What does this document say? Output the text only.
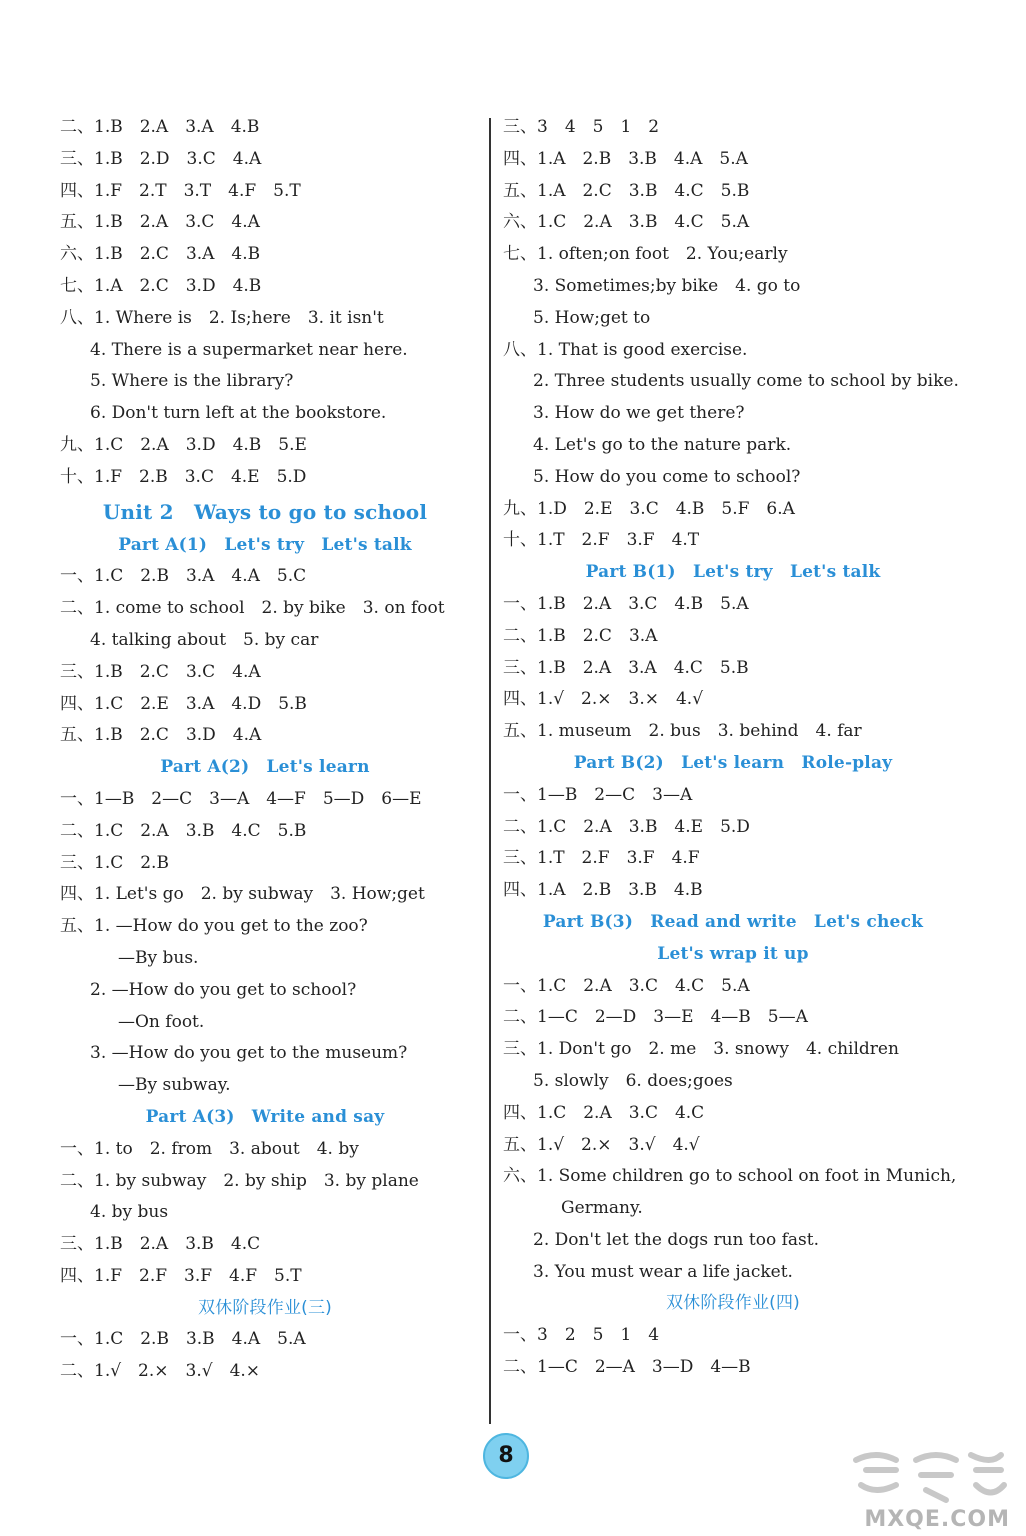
二、1.B　2.A　3.A　4.B
三、1.B　2.D　3.C　4.A
四、1.F　2.T　3.T　4.F　5.T
五、1.B　2.A　3.C　4.A
六、1.B　2.C　3.A　4.B
七、1.A　2.C　3.D　4.B
八、1. Where is　2. Is;here　3. it isn't
4. There is a supermarket near here.
5. Where is the library?
6. Don't turn left at the bookstore.
九、1.C　2.A　3.D　4.B　5.E
十、1.F　2.B　3.C　4.E　5.D
Unit 2　Ways to go to school
Part A(1)　Let's try　Let's talk
一、1.C　2.B　3.A　4.A　5.C
二、1. come to school　2. by bike　3. on foot
4. talking about　5. by car
三、1.B　2.C　3.C　4.A
四、1.C　2.E　3.A　4.D　5.B
五、1.B　2.C　3.D　4.A
Part A(2)　Let's learn
一、1—B　2—C　3—A　4—F　5—D　6—E
二、1.C　2.A　3.B　4.C　5.B
三、1.C　2.B
四、1. Let's go　2. by subway　3. How;get
五、1. —How do you get to the zoo?
—By bus.
2. —How do you get to school?
—On foot.
3. —How do you get to the museum?
—By subway.
Part A(3)　Write and say
一、1. to　2. from　3. about　4. by
二、1. by subway　2. by ship　3. by plane
4. by bus
三、1.B　2.A　3.B　4.C
四、1.F　2.F　3.F　4.F　5.T
双休阶段作业(三)
一、1.C　2.B　3.B　4.A　5.A
二、1.√　2.×　3.√　4.×
三、3　4　5　1　2
四、1.A　2.B　3.B　4.A　5.A
五、1.A　2.C　3.B　4.C　5.B
六、1.C　2.A　3.B　4.C　5.A
七、1. often;on foot　2. You;early
3. Sometimes;by bike　4. go to
5. How;get to
八、1. That is good exercise.
2. Three students usually come to school by bike.
3. How do we get there?
4. Let's go to the nature park.
5. How do you come to school?
九、1.D　2.E　3.C　4.B　5.F　6.A
十、1.T　2.F　3.F　4.T
Part B(1)　Let's try　Let's talk
一、1.B　2.A　3.C　4.B　5.A
二、1.B　2.C　3.A
三、1.B　2.A　3.A　4.C　5.B
四、1.√　2.×　3.×　4.√
五、1. museum　2. bus　3. behind　4. far
Part B(2)　Let's learn　Role-play
一、1—B　2—C　3—A
二、1.C　2.A　3.B　4.E　5.D
三、1.T　2.F　3.F　4.F
四、1.A　2.B　3.B　4.B
Part B(3)　Read and write　Let's check
Let's wrap it up
一、1.C　2.A　3.C　4.C　5.A
二、1—C　2—D　3—E　4—B　5—A
三、1. Don't go　2. me　3. snowy　4. children
5. slowly　6. does;goes
四、1.C　2.A　3.C　4.C
五、1.√　2.×　3.√　4.√
六、1. Some children go to school on foot in Munich,
Germany.
2. Don't let the dogs run too fast.
3. You must wear a life jacket.
双休阶段作业(四)
一、3　2　5　1　4
二、1—C　2—A　3—D　4—B
8
MXQE.COM
